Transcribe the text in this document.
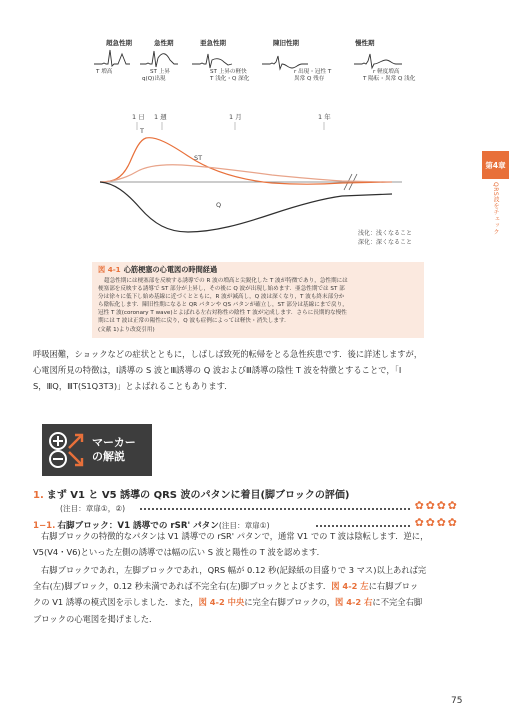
超急性期	急性期	亜急性期	陳旧性期	慢性期
T 増高	ST 上昇
q(Q)出現
ST 上昇の軽快
T 浅化・Q 深化
r 出現・冠性 T
異常 Q 残存
r 軽度増高
T 陽転・異常 Q 浅化
1 日 1 週	1 月	1 年
T
ST
Q
浅化：浅くなること
深化：深くなること
図 4-1 心筋梗塞の心電図の時間経過
超急性期には梗塞部を反映する誘導での R 波の増高と尖鋭化した T 波が特徴であり，急性期には
梗塞部を反映する誘導で ST 部分が上昇し，その後に Q 波が出現し始めます．亜急性期では ST 部
分は徐々に低下し始め基線に近づくとともに，R 波が減高し，Q 波は深くなり，T 波も終末部分か
ら陰転化します．陳旧性期になると QR パタンや QS パタンが確立し，ST 部分は基線にまで戻り，
冠性 T 波(coronary T wave)とよばれる左右対称性の陰性 T 波が完成します．さらに長期的な慢性
期には T 波は正常の陽性に戻り，Q 波も症例によっては軽快・消失します．
(文献 1)より改変引用)
第4章
QRS波をチェック
呼吸困難，ショックなどの症状とともに，しばしば致死的転帰をとる急性疾患です．後に詳述しますが，
心電図所見の特徴は，Ⅰ誘導の S 波とⅢ誘導の Q 波およびⅢ誘導の陰性 T 波を特徴とすることで，「Ⅰ
S，ⅢQ，ⅢT(S1Q3T3)」とよばれることもあります．
マーカー
の解説
1. まず V1 と V5 誘導の QRS 波のパタンに着目(脚ブロックの評価)
(注目：章扉①，②)	✿✿✿✿
1−1. 右脚ブロック：V1 誘導での rSR' パタン(注目：章扉①)	✿✿✿✿
右脚ブロックの特徴的なパタンは V1 誘導での rSR' パタンで，通常 V1 での T 波は陰転します．逆に，
V5(V4・V6)といった左側の誘導では幅の広い S 波と陽性の T 波を認めます．
右脚ブロックであれ，左脚ブロックであれ，QRS 幅が 0.12 秒(記録紙の目盛りで 3 マス)以上あれば完
全右(左)脚ブロック，0.12 秒未満であれば不完全右(左)脚ブロックとよびます．図 4-2 左に右脚ブロッ
クの V1 誘導の模式図を示しました．また，図 4-2 中央に完全右脚ブロックの，図 4-2 右に不完全右脚
ブロックの心電図を掲げました．
75
